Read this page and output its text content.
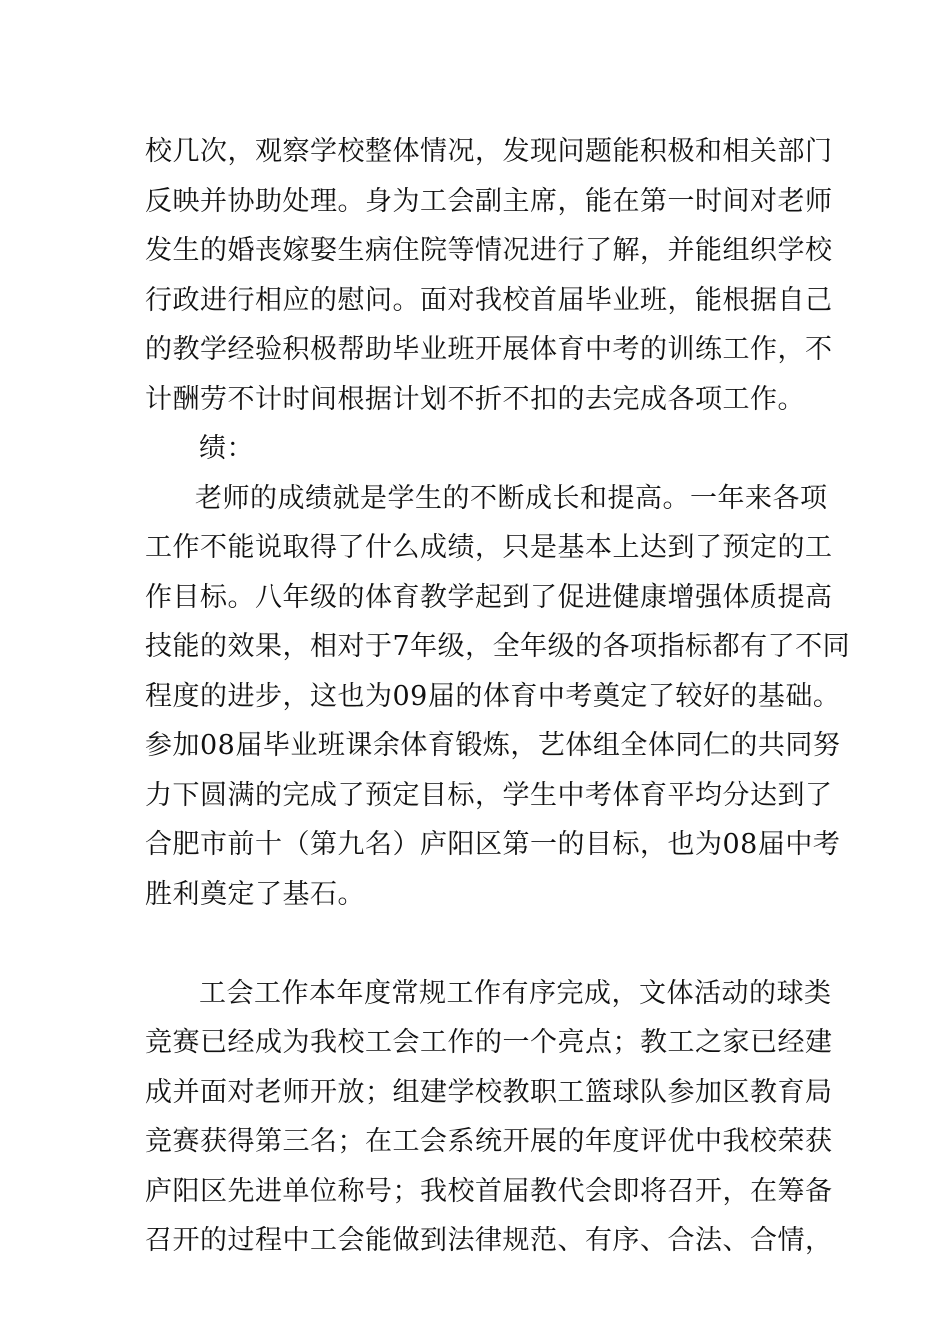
校几次，观察学校整体情况，发现问题能积极和相关部门
反映并协助处理。身为工会副主席，能在第一时间对老师
发生的婚丧嫁娶生病住院等情况进行了解，并能组织学校
行政进行相应的慰问。面对我校首届毕业班，能根据自己
的教学经验积极帮助毕业班开展体育中考的训练工作，不
计酬劳不计时间根据计划不折不扣的去完成各项工作。
绩：
老师的成绩就是学生的不断成长和提高。一年来各项
工作不能说取得了什么成绩，只是基本上达到了预定的工
作目标。八年级的体育教学起到了促进健康增强体质提高
技能的效果，相对于7年级，全年级的各项指标都有了不同
程度的进步，这也为09届的体育中考奠定了较好的基础。
参加08届毕业班课余体育锻炼，艺体组全体同仁的共同努
力下圆满的完成了预定目标，学生中考体育平均分达到了
合肥市前十（第九名）庐阳区第一的目标，也为08届中考
胜利奠定了基石。
工会工作本年度常规工作有序完成，文体活动的球类
竞赛已经成为我校工会工作的一个亮点；教工之家已经建
成并面对老师开放；组建学校教职工篮球队参加区教育局
竞赛获得第三名；在工会系统开展的年度评优中我校荣获
庐阳区先进单位称号；我校首届教代会即将召开，在筹备
召开的过程中工会能做到法律规范、有序、合法、合情，
